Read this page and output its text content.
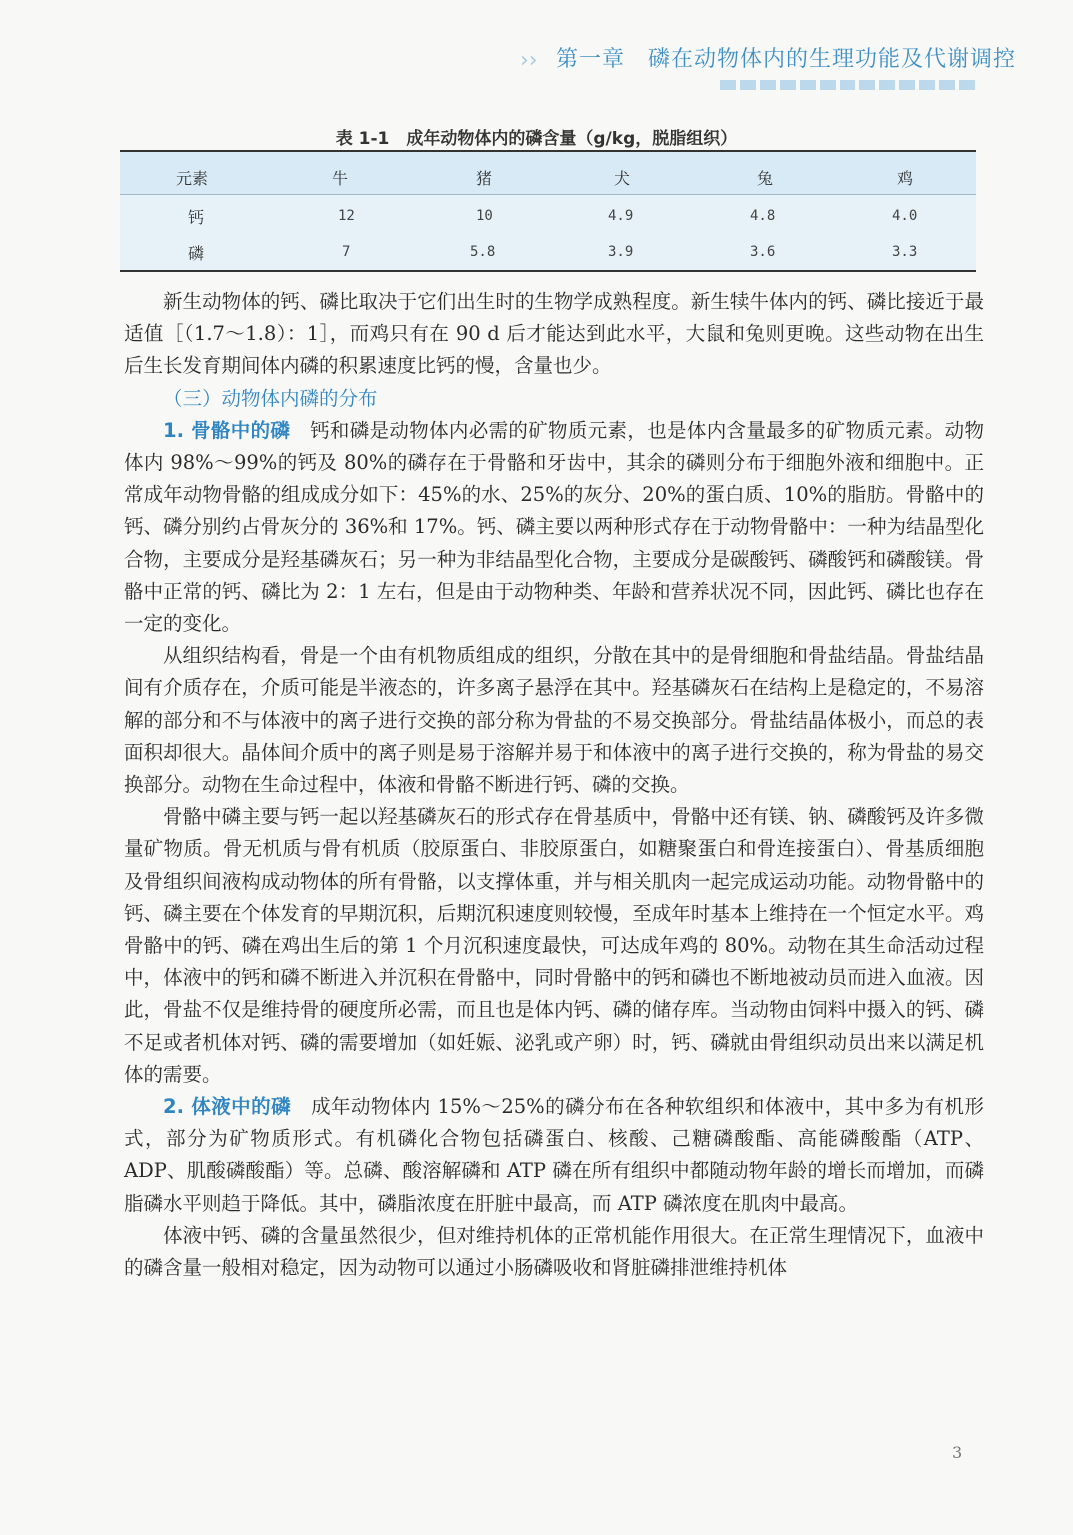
›› 第一章　磷在动物体内的生理功能及代谢调控
表 1-1　成年动物体内的磷含量（g/kg，脱脂组织）
元素	牛	猪	犬	兔	鸡
钙	12	10	4.9	4.8	4.0
磷	7	5.8	3.9	3.6	3.3

新生动物体的钙、磷比取决于它们出生时的生物学成熟程度。新生犊牛体内的钙、磷比接近于最适值［（1.7～1.8）：1］，而鸡只有在 90 d 后才能达到此水平，大鼠和兔则更晚。这些动物在出生后生长发育期间体内磷的积累速度比钙的慢，含量也少。

（三）动物体内磷的分布

1. 骨骼中的磷　 钙和磷是动物体内必需的矿物质元素，也是体内含量最多的矿物质元素。动物体内 98%～99%的钙及 80%的磷存在于骨骼和牙齿中，其余的磷则分布于细胞外液和细胞中。正常成年动物骨骼的组成成分如下：45%的水、25%的灰分、20%的蛋白质、10%的脂肪。骨骼中的钙、磷分别约占骨灰分的 36%和 17%。钙、磷主要以两种形式存在于动物骨骼中：一种为结晶型化合物，主要成分是羟基磷灰石；另一种为非结晶型化合物，主要成分是碳酸钙、磷酸钙和磷酸镁。骨骼中正常的钙、磷比为 2：1 左右，但是由于动物种类、年龄和营养状况不同，因此钙、磷比也存在一定的变化。

从组织结构看，骨是一个由有机物质组成的组织，分散在其中的是骨细胞和骨盐结晶。骨盐结晶间有介质存在，介质可能是半液态的，许多离子悬浮在其中。羟基磷灰石在结构上是稳定的，不易溶解的部分和不与体液中的离子进行交换的部分称为骨盐的不易交换部分。骨盐结晶体极小，而总的表面积却很大。晶体间介质中的离子则是易于溶解并易于和体液中的离子进行交换的，称为骨盐的易交换部分。动物在生命过程中，体液和骨骼不断进行钙、磷的交换。

骨骼中磷主要与钙一起以羟基磷灰石的形式存在骨基质中，骨骼中还有镁、钠、磷酸钙及许多微量矿物质。骨无机质与骨有机质（胶原蛋白、非胶原蛋白，如糖聚蛋白和骨连接蛋白）、骨基质细胞及骨组织间液构成动物体的所有骨骼，以支撑体重，并与相关肌肉一起完成运动功能。动物骨骼中的钙、磷主要在个体发育的早期沉积，后期沉积速度则较慢，至成年时基本上维持在一个恒定水平。鸡骨骼中的钙、磷在鸡出生后的第 1 个月沉积速度最快，可达成年鸡的 80%。动物在其生命活动过程中，体液中的钙和磷不断进入并沉积在骨骼中，同时骨骼中的钙和磷也不断地被动员而进入血液。因此，骨盐不仅是维持骨的硬度所必需，而且也是体内钙、磷的储存库。当动物由饲料中摄入的钙、磷不足或者机体对钙、磷的需要增加（如妊娠、泌乳或产卵）时，钙、磷就由骨组织动员出来以满足机体的需要。

2. 体液中的磷　 成年动物体内 15%～25%的磷分布在各种软组织和体液中，其中多为有机形式，部分为矿物质形式。有机磷化合物包括磷蛋白、核酸、己糖磷酸酯、高能磷酸酯（ATP、ADP、肌酸磷酸酯）等。总磷、酸溶解磷和 ATP 磷在所有组织中都随动物年龄的增长而增加，而磷脂磷水平则趋于降低。其中，磷脂浓度在肝脏中最高，而 ATP 磷浓度在肌肉中最高。

体液中钙、磷的含量虽然很少，但对维持机体的正常机能作用很大。在正常生理情况下，血液中的磷含量一般相对稳定，因为动物可以通过小肠磷吸收和肾脏磷排泄维持机体

3
